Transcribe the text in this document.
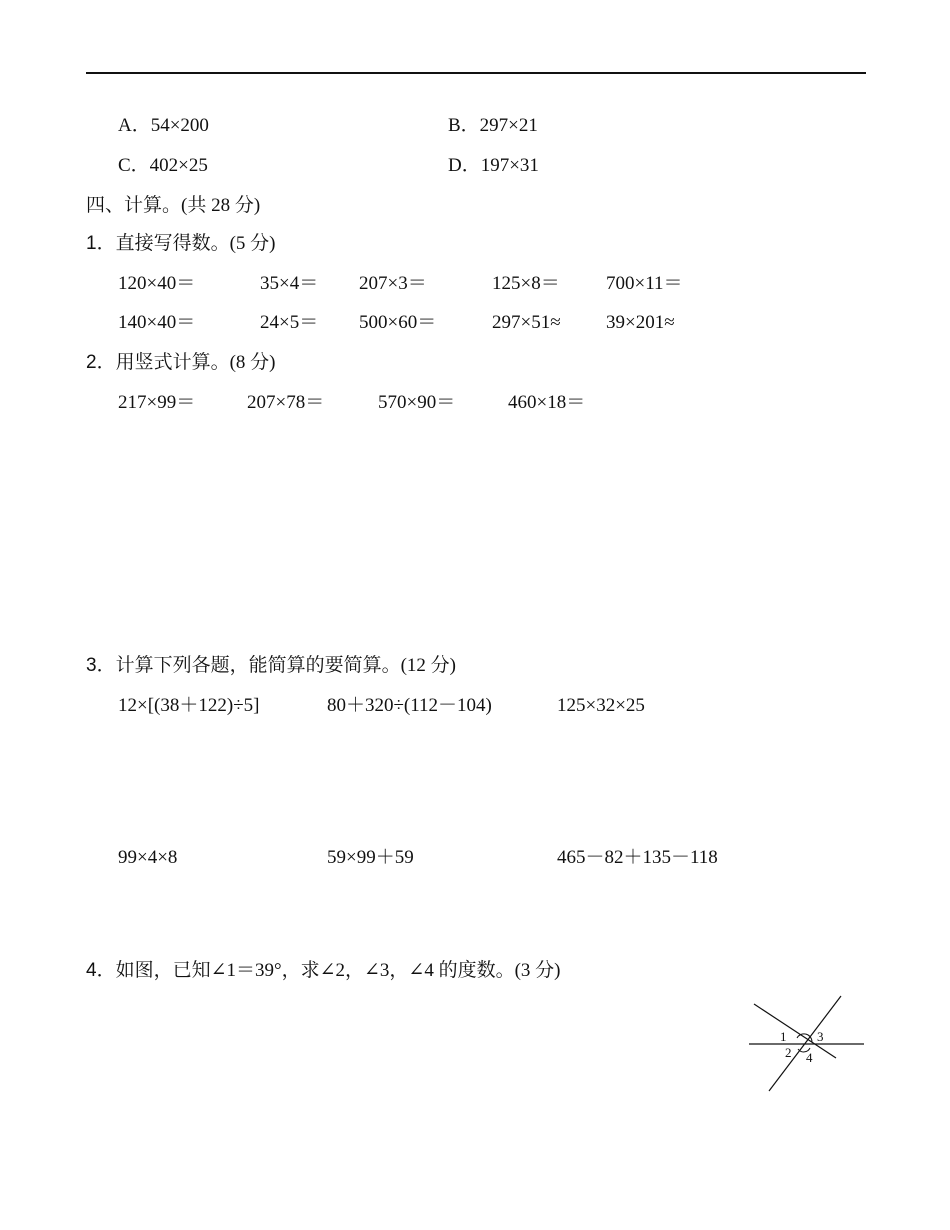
A．54×200	B．297×21
C．402×25	D．197×31
四、计算。(共 28 分)
1．直接写得数。(5 分)
120×40＝	35×4＝ 207×3＝	125×8＝ 700×11＝
140×40＝	24×5＝ 500×60＝	297×51≈ 39×201≈
2．用竖式计算。(8 分)
217×99＝	207×78＝	570×90＝	460×18＝
3．计算下列各题，能简算的要简算。(12 分)
12×[(38＋122)÷5]	80＋320÷(112－104)	125×32×25
99×4×8	59×99＋59	465－82＋135－118
4．如图，已知∠1＝39°，求∠2，∠3，∠4 的度数。(3 分)
1 3
2 4
